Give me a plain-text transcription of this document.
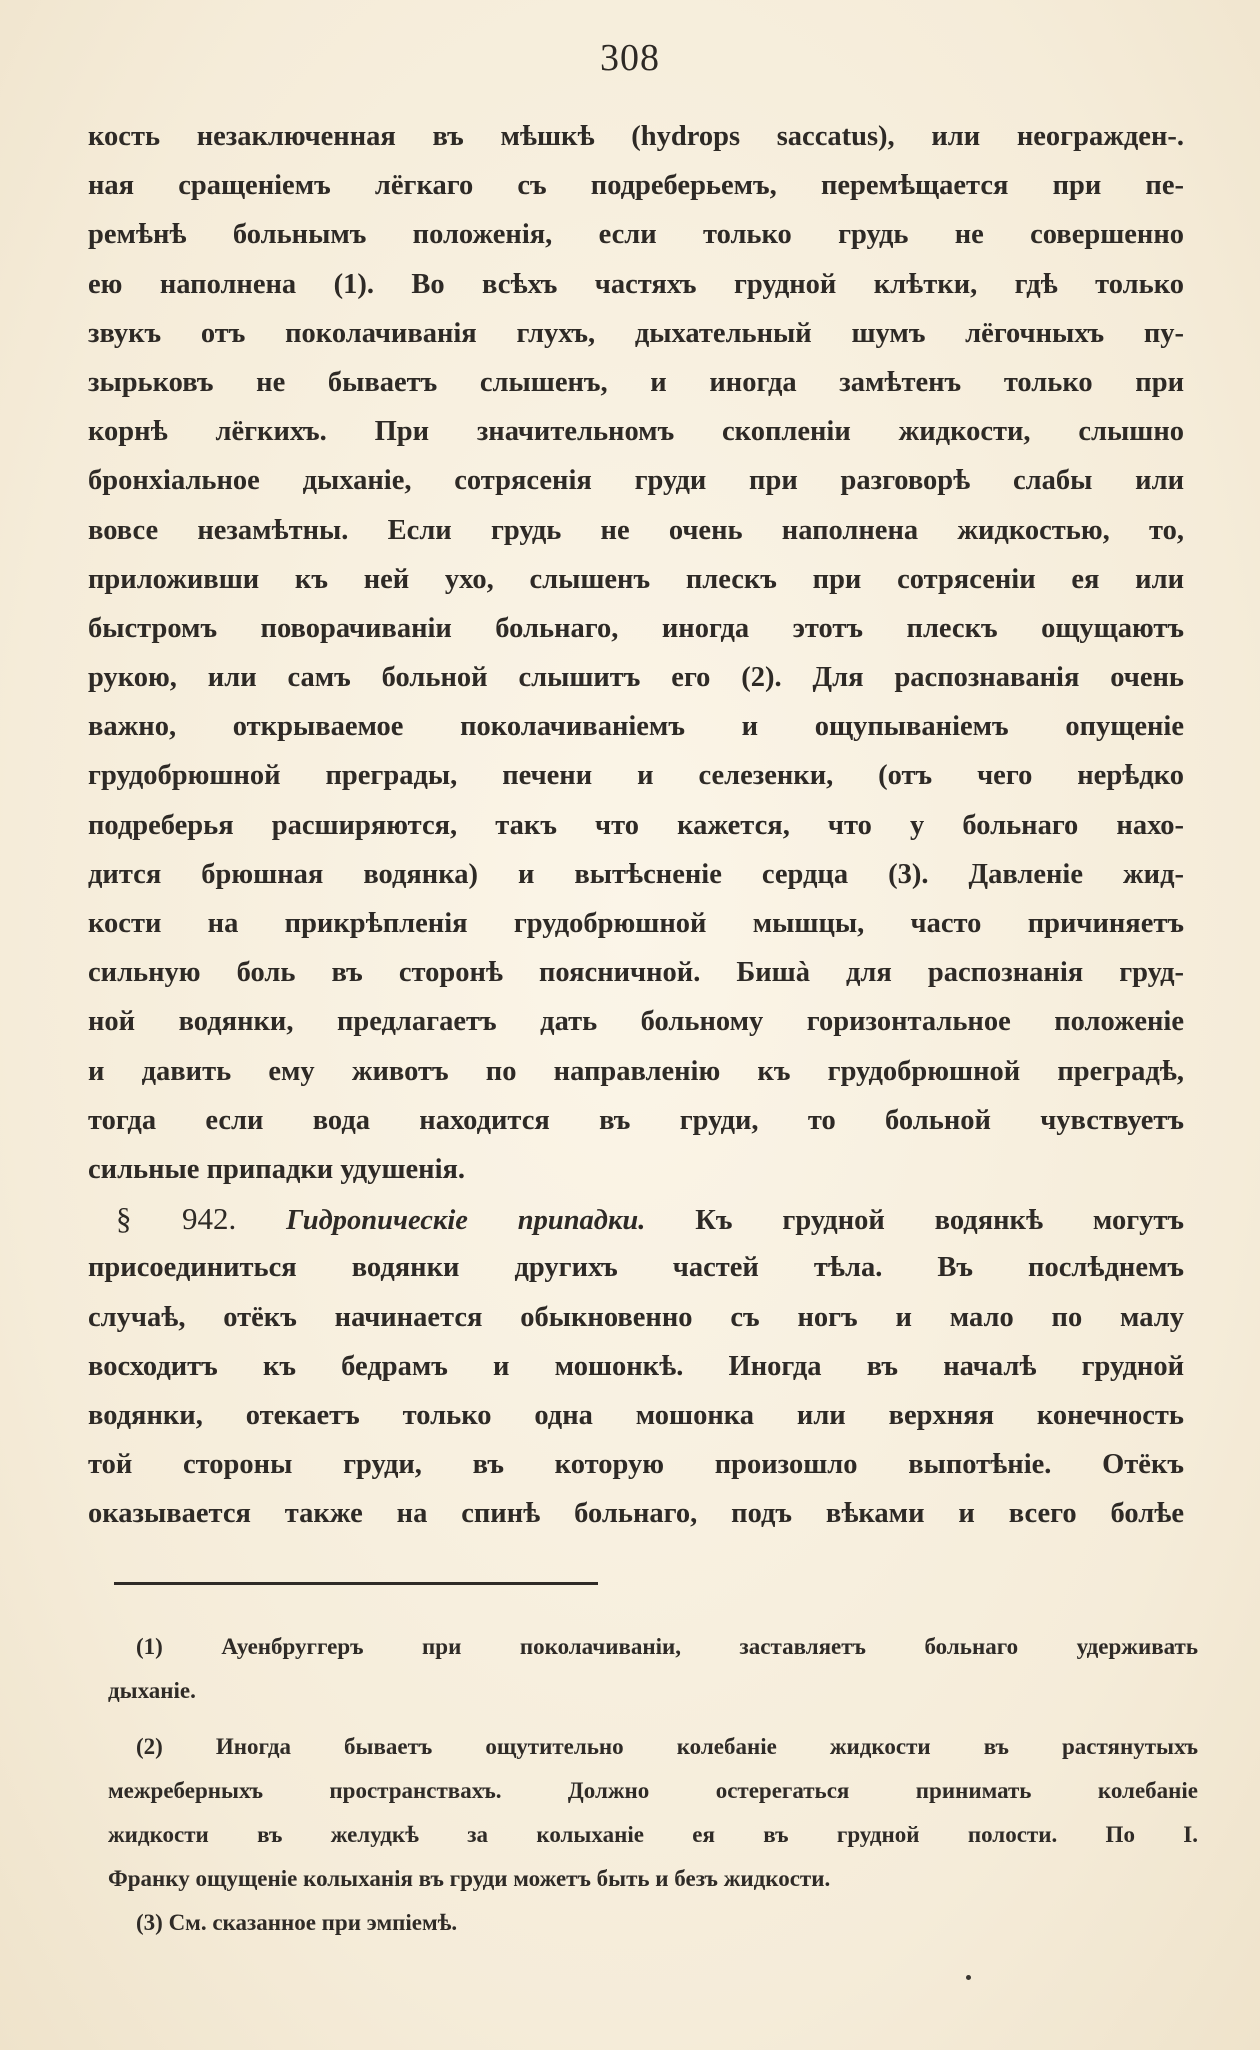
308
кость незаключенная въ мѣшкѣ (hydrops saccatus), или неогражден-.
ная сращеніемъ лёгкаго съ подреберьемъ, перемѣщается при пе-
ремѣнѣ больнымъ положенія, если только грудь не совершенно
ею наполнена (1). Во всѣхъ частяхъ грудной клѣтки, гдѣ только
звукъ отъ поколачиванія глухъ, дыхательный шумъ лёгочныхъ пу-
зырьковъ не бываетъ слышенъ, и иногда замѣтенъ только при
корнѣ лёгкихъ. При значительномъ скопленіи жидкости, слышно
бронхіальное дыханіе, сотрясенія груди при разговорѣ слабы или
вовсе незамѣтны. Если грудь не очень наполнена жидкостью, то,
приложивши къ ней ухо, слышенъ плескъ при сотрясеніи ея или
быстромъ поворачиваніи больнаго, иногда этотъ плескъ ощущаютъ
рукою, или самъ больной слышитъ его (2). Для распознаванія очень
важно, открываемое поколачиваніемъ и ощупываніемъ опущеніе
грудобрюшной преграды, печени и селезенки, (отъ чего нерѣдко
подреберья расширяются, такъ что кажется, что у больнаго нахо-
дится брюшная водянка) и вытѣсненіе сердца (3). Давленіе жид-
кости на прикрѣпленія грудобрюшной мышцы, часто причиняетъ
сильную боль въ сторонѣ поясничной. Бишà для распознанія груд-
ной водянки, предлагаетъ дать больному горизонтальное положеніе
и давить ему животъ по направленію къ грудобрюшной преградѣ,
тогда если вода находится въ груди, то больной чувствуетъ
сильные припадки удушенія.
§ 942. Гидропическіе припадки. Къ грудной водянкѣ могутъ
присоединиться водянки другихъ частей тѣла. Въ послѣднемъ
случаѣ, отёкъ начинается обыкновенно съ ногъ и мало по малу
восходитъ къ бедрамъ и мошонкѣ. Иногда въ началѣ грудной
водянки, отекаетъ только одна мошонка или верхняя конечность
той стороны груди, въ которую произошло выпотѣніе. Отёкъ
оказывается также на спинѣ больнаго, подъ вѣками и всего болѣе
(1) Ауенбруггеръ при поколачиваніи, заставляетъ больнаго удерживать
дыханіе.
(2) Иногда бываетъ ощутительно колебаніе жидкости въ растянутыхъ
межреберныхъ пространствахъ. Должно остерегаться принимать колебаніе
жидкости въ желудкѣ за колыханіе ея въ грудной полости. По І.
Франку ощущеніе колыханія въ груди можетъ быть и безъ жидкости.
(3) См. сказанное при эмпіемѣ.
